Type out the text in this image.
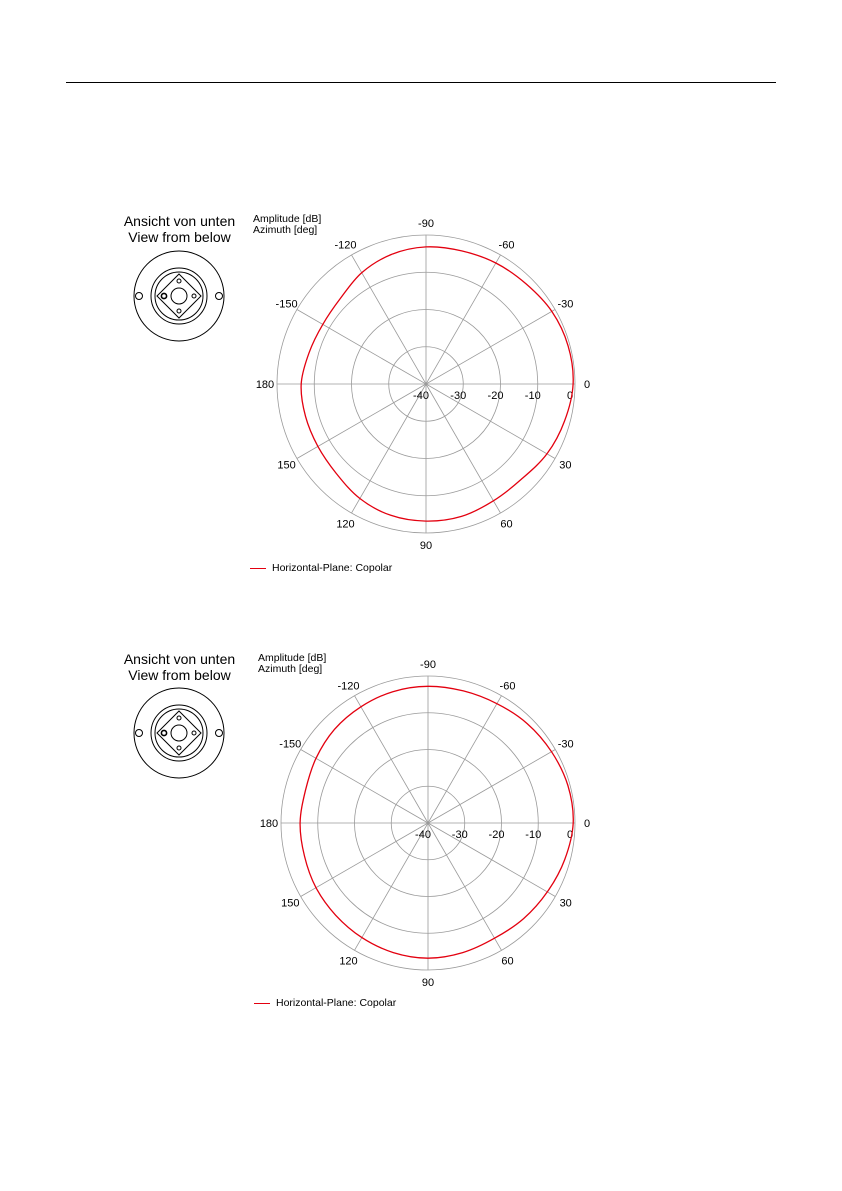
Ansicht von unten
View from below
Amplitude [dB]
Azimuth [deg]	-90
-60
-30
0
30
60
90
120
150
180
-150
-120
-40 -30 -20 -10 0
Horizontal-Plane: Copolar
Ansicht von unten
View from below
Amplitude [dB]
Azimuth [deg]	-90
-60
-30
0
30
60
90
120
150
180
-150
-120
-40 -30 -20 -10 0
Horizontal-Plane: Copolar
